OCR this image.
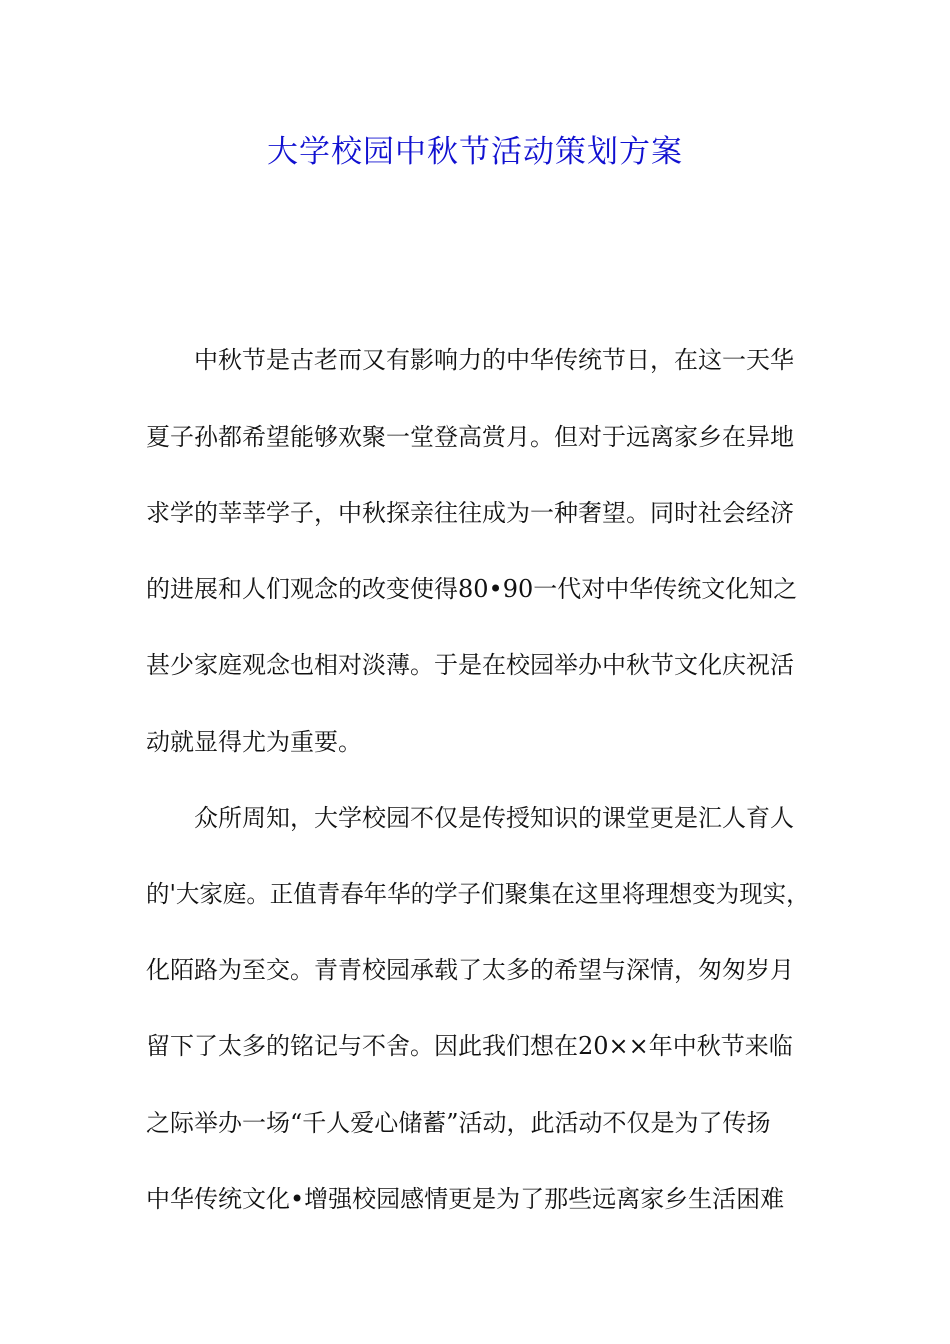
大学校园中秋节活动策划方案
中秋节是古老而又有影响力的中华传统节日，在这一天华
夏子孙都希望能够欢聚一堂登高赏月。但对于远离家乡在异地
求学的莘莘学子，中秋探亲往往成为一种奢望。同时社会经济
的进展和人们观念的改变使得80•90一代对中华传统文化知之
甚少家庭观念也相对淡薄。于是在校园举办中秋节文化庆祝活
动就显得尤为重要。
众所周知，大学校园不仅是传授知识的课堂更是汇人育人
的'大家庭。正值青春年华的学子们聚集在这里将理想变为现实，
化陌路为至交。青青校园承载了太多的希望与深情，匆匆岁月
留下了太多的铭记与不舍。因此我们想在20××年中秋节来临
之际举办一场“千人爱心储蓄”活动，此活动不仅是为了传扬
中华传统文化•增强校园感情更是为了那些远离家乡生活困难
